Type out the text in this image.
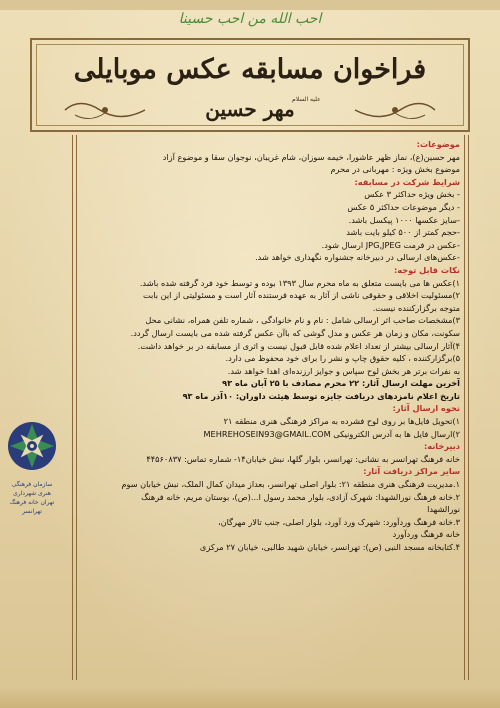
احب الله من احب حسینا
فراخوان مسابقه عکس موبایلی
مهر حسین
علیه السلام
موضوعات:
مهر حسین(ع)، نماز ظهر عاشورا، خیمه سوزان، شام غریبان، نوجوان سقا و موضوع آزاد
موضوع بخش ویژه : مهربانی در محرم
شرایط شرکت در مسابقه:
- بخش ویژه حداکثر ۳ عکس
- دیگر موضوعات حداکثر ۵ عکس
-سایز عکسها ۱۰۰۰ پیکسل باشد.
-حجم کمتر از ۵۰۰ کیلو بایت باشد
-عکس در فرمت JPG,JPEG ارسال شود.
-عکس‌های ارسالی در دبیرخانه جشنواره نگهداری خواهد شد.
نکات قابل توجه:
۱)عکس ها می بایست متعلق به ماه محرم سال ۱۳۹۳ بوده و توسط خود فرد گرفته شده باشد.
۲)مسئولیت اخلاقی و حقوقی ناشی از آثار به عهده فرستنده آثار است و مسئولیتی از این بابت
متوجه برگزارکننده نیست.
۳)مشخصات صاحب اثر ارسالی شامل : نام و نام خانوادگی ، شماره تلفن همراه، نشانی محل
سکونت، مکان و زمان هر عکس و مدل گوشی که باآن عکس گرفته شده می بایست ارسال گردد.
۴)آثار ارسالی بیشتر از تعداد اعلام شده قابل قبول نیست و اثری از مسابقه در بر خواهد داشت.
۵)برگزارکننده ، کلیه حقوق چاپ و نشر را برای خود محفوظ می دارد.
به نفرات برتر هر بخش لوح سپاس و جوایز ارزنده‌ای اهدا خواهد شد.
آخرین مهلت ارسال آثار: ۲۲ محرم مصادف با ۲۵ آبان ماه ۹۳
تاریخ اعلام نامزدهای دریافت جایزه توسط هیئت داوران: ۱۰آذر ماه ۹۳
نحوه ارسال آثار:
۱)تحویل فایل‌ها بر روی لوح فشرده به مراکز فرهنگی هنری منطقه ۲۱
۲)ارسال فایل ها به آدرس الکترونیکی MEHREHOSEIN93@GMAIL.COM
دبیرخانه:
خانه فرهنگ تهرانسر به نشانی: تهرانسر، بلوار گلها، نبش خیابان۱۴- شماره تماس: ۴۴۵۶۰۸۳۷
سایر مراکز دریافت آثار:
۱.مدیریت فرهنگی هنری منطقه ۲۱: بلوار اصلی تهرانسر، بعداز میدان کمال الملک، نبش خیابان سوم
۲.خانه فرهنگ نورالشهدا: شهرک آزادی، بلوار محمد رسول ا...(ص)، بوستان مریم، خانه فرهنگ
نورالشهدا
۳.خانه فرهنگ وردآورد: شهرک ورد آورد، بلوار اصلی، جنب تالار مهرگان،
خانه فرهنگ وردآورد
۴.کتابخانه مسجد النبی (ص): تهرانسر، خیابان شهید طالبی، خیابان ۲۷ مرکزی
سازمان فرهنگی هنری شهرداری تهران خانه فرهنگ تهرانسر
